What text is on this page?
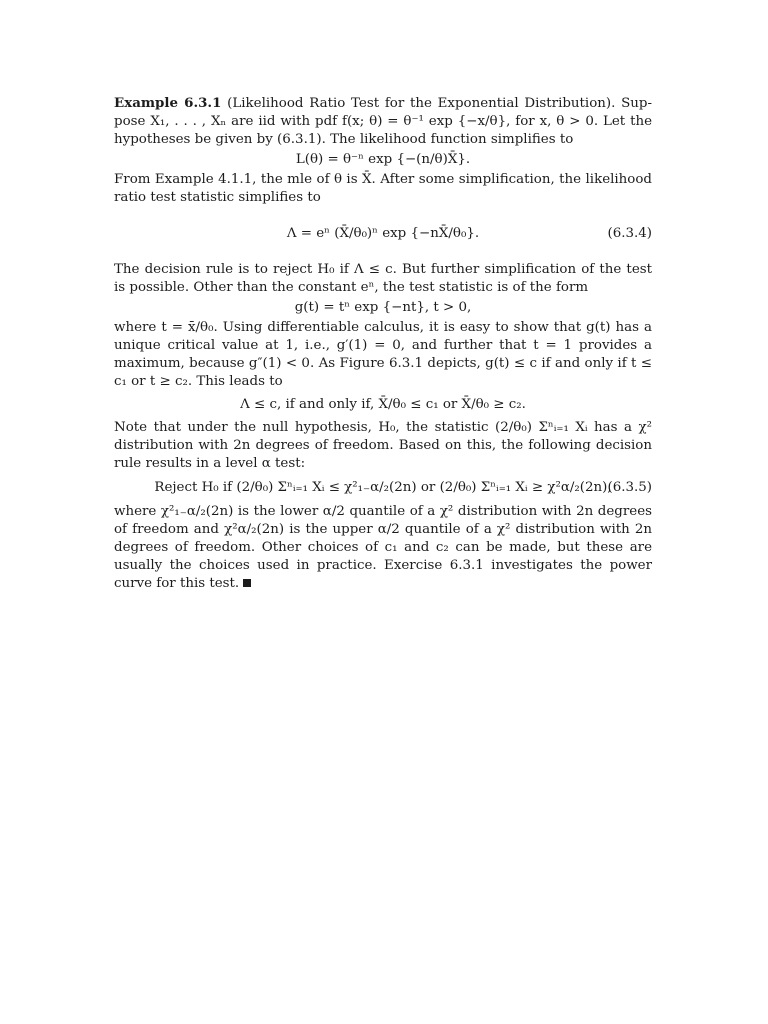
Example 6.3.1 (Likelihood Ratio Test for the Exponential Distribution). Sup- pose X₁, . . . , Xₙ are iid with pdf f(x; θ) = θ⁻¹ exp {−x/θ}, for x, θ > 0. Let the hypotheses be given by (6.3.1). The likelihood function simplifies to

L(θ) = θ⁻ⁿ exp {−(n/θ)X̄}.

From Example 4.1.1, the mle of θ is X̄. After some simplification, the likelihood ratio test statistic simplifies to

Λ = eⁿ (X̄/θ₀)ⁿ exp {−nX̄/θ₀}.	(6.3.4)

The decision rule is to reject H₀ if Λ ≤ c. But further simplification of the test is possible. Other than the constant eⁿ, the test statistic is of the form

g(t) = tⁿ exp {−nt}, t > 0,

where t = x̄/θ₀. Using differentiable calculus, it is easy to show that g(t) has a unique critical value at 1, i.e., g′(1) = 0, and further that t = 1 provides a maximum, because g″(1) < 0. As Figure 6.3.1 depicts, g(t) ≤ c if and only if t ≤ c₁ or t ≥ c₂. This leads to

Λ ≤ c, if and only if, X̄/θ₀ ≤ c₁ or X̄/θ₀ ≥ c₂.

Note that under the null hypothesis, H₀, the statistic (2/θ₀) Σⁿᵢ₌₁ Xᵢ has a χ² distribution with 2n degrees of freedom. Based on this, the following decision rule results in a level α test:

Reject H₀ if (2/θ₀) Σⁿᵢ₌₁ Xᵢ ≤ χ²₁₋α/₂(2n) or (2/θ₀) Σⁿᵢ₌₁ Xᵢ ≥ χ²α/₂(2n),
(6.3.5)

where χ²₁₋α/₂(2n) is the lower α/2 quantile of a χ² distribution with 2n degrees of freedom and χ²α/₂(2n) is the upper α/2 quantile of a χ² distribution with 2n degrees of freedom. Other choices of c₁ and c₂ can be made, but these are usually the choices used in practice. Exercise 6.3.1 investigates the power curve for this test.
